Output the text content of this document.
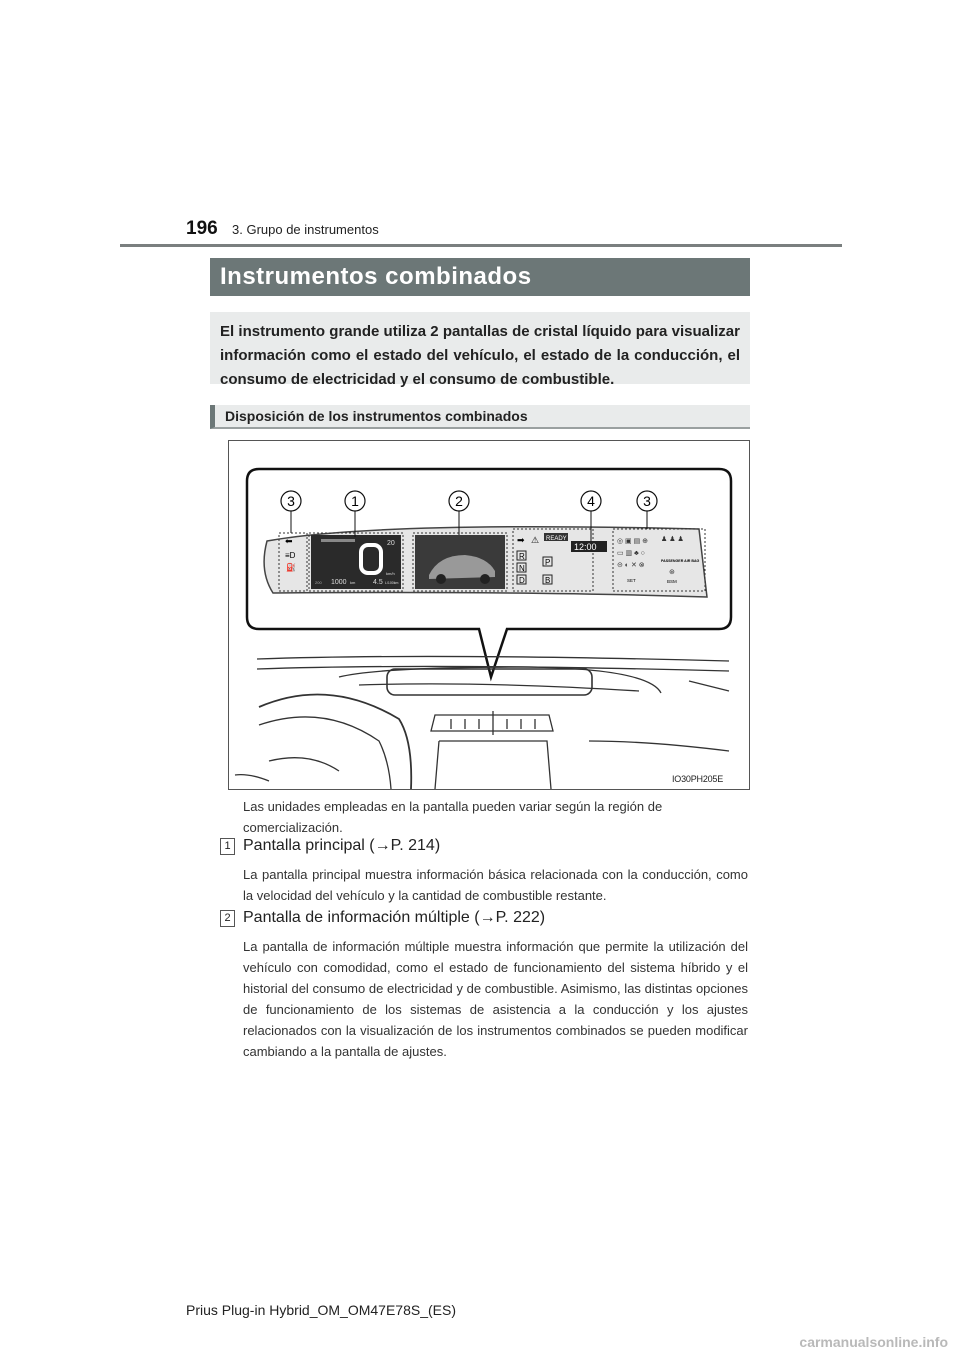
196 3. Grupo de instrumentos
Instrumentos combinados
El instrumento grande utiliza 2 pantallas de cristal líquido para visualizar información como el estado del vehículo, el estado de la conducción, el consumo de electricidad y el consumo de combustible.
Disposición de los instrumentos combinados
0
1000 km
200	4.5 L/100km
20
km/h
⬅
≡D
⛽
➡ ⚠ READY
12:00
R
N
D
P
B
◎ ▣ ▤ ⊕
▭ ▥ ♣ ○
⊝ ◐ ✕ ⊗
♟ ♟ ♟
⊛
PASSENGER AIR BAG
SET	BSM
3	1	2	4	3
IO30PH205E
Las unidades empleadas en la pantalla pueden variar según la región de comercialización.
1 Pantalla principal (→P. 214)
La pantalla principal muestra información básica relacionada con la conducción, como la velocidad del vehículo y la cantidad de combustible restante.
2 Pantalla de información múltiple (→P. 222)
La pantalla de información múltiple muestra información que permite la utilización del vehículo con comodidad, como el estado de funcionamiento del sistema híbrido y el historial del consumo de electricidad y de combustible. Asimismo, las distintas opciones de funcionamiento de los sistemas de asistencia a la conducción y los ajustes relacionados con la visualización de los instrumentos combinados se pueden modificar cambiando a la pantalla de ajustes.
Prius Plug-in Hybrid_OM_OM47E78S_(ES)
carmanualsonline.info
